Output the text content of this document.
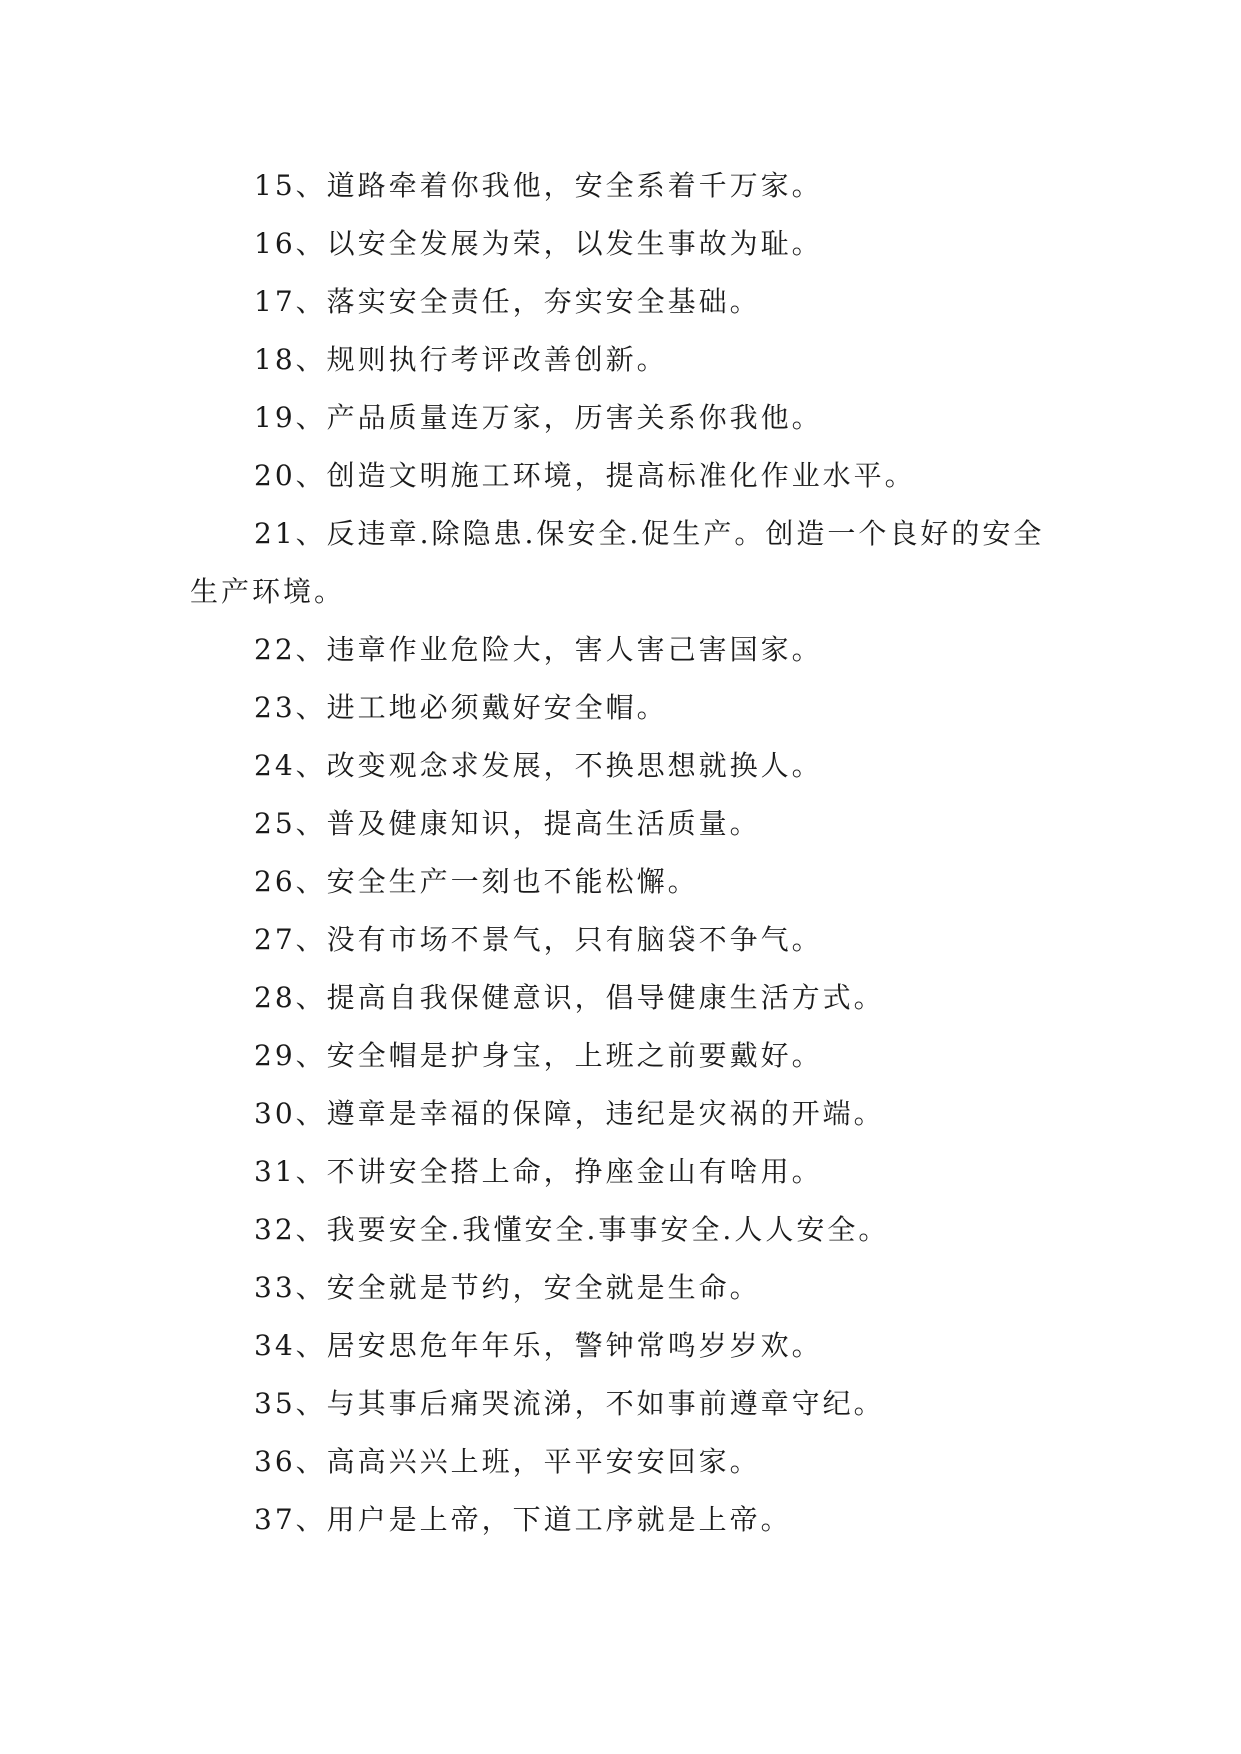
15、道路牵着你我他，安全系着千万家。

16、以安全发展为荣，以发生事故为耻。

17、落实安全责任，夯实安全基础。

18、规则执行考评改善创新。

19、产品质量连万家，历害关系你我他。

20、创造文明施工环境，提高标准化作业水平。

21、反违章.除隐患.保安全.促生产。创造一个良好的安全生产环境。

22、违章作业危险大，害人害己害国家。

23、进工地必须戴好安全帽。

24、改变观念求发展，不换思想就换人。

25、普及健康知识，提高生活质量。

26、安全生产一刻也不能松懈。

27、没有市场不景气，只有脑袋不争气。

28、提高自我保健意识，倡导健康生活方式。

29、安全帽是护身宝，上班之前要戴好。

30、遵章是幸福的保障，违纪是灾祸的开端。

31、不讲安全搭上命，挣座金山有啥用。

32、我要安全.我懂安全.事事安全.人人安全。

33、安全就是节约，安全就是生命。

34、居安思危年年乐，警钟常鸣岁岁欢。

35、与其事后痛哭流涕，不如事前遵章守纪。

36、高高兴兴上班，平平安安回家。

37、用户是上帝，下道工序就是上帝。
